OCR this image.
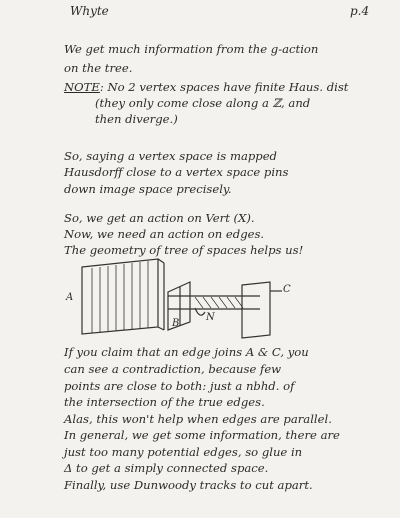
Whyte	p.4
We get much information from the g-action
on the tree.
NOTE: No 2 vertex spaces have finite Haus. dist
(they only come close along a ℤ, and
then diverge.)
So, saying a vertex space is mapped
Hausdorff close to a vertex space pins
down image space precisely.
So, we get an action on Vert (X).
Now, we need an action on edges.
The geometry of tree of spaces helps us!
A
B
C
N
If you claim that an edge joins A & C, you
can see a contradiction, because few
points are close to both: just a nbhd. of
the intersection of the true edges.
Alas, this won't help when edges are parallel.
In general, we get some information, there are
just too many potential edges, so glue in
Δ to get a simply connected space.
Finally, use Dunwoody tracks to cut apart.
